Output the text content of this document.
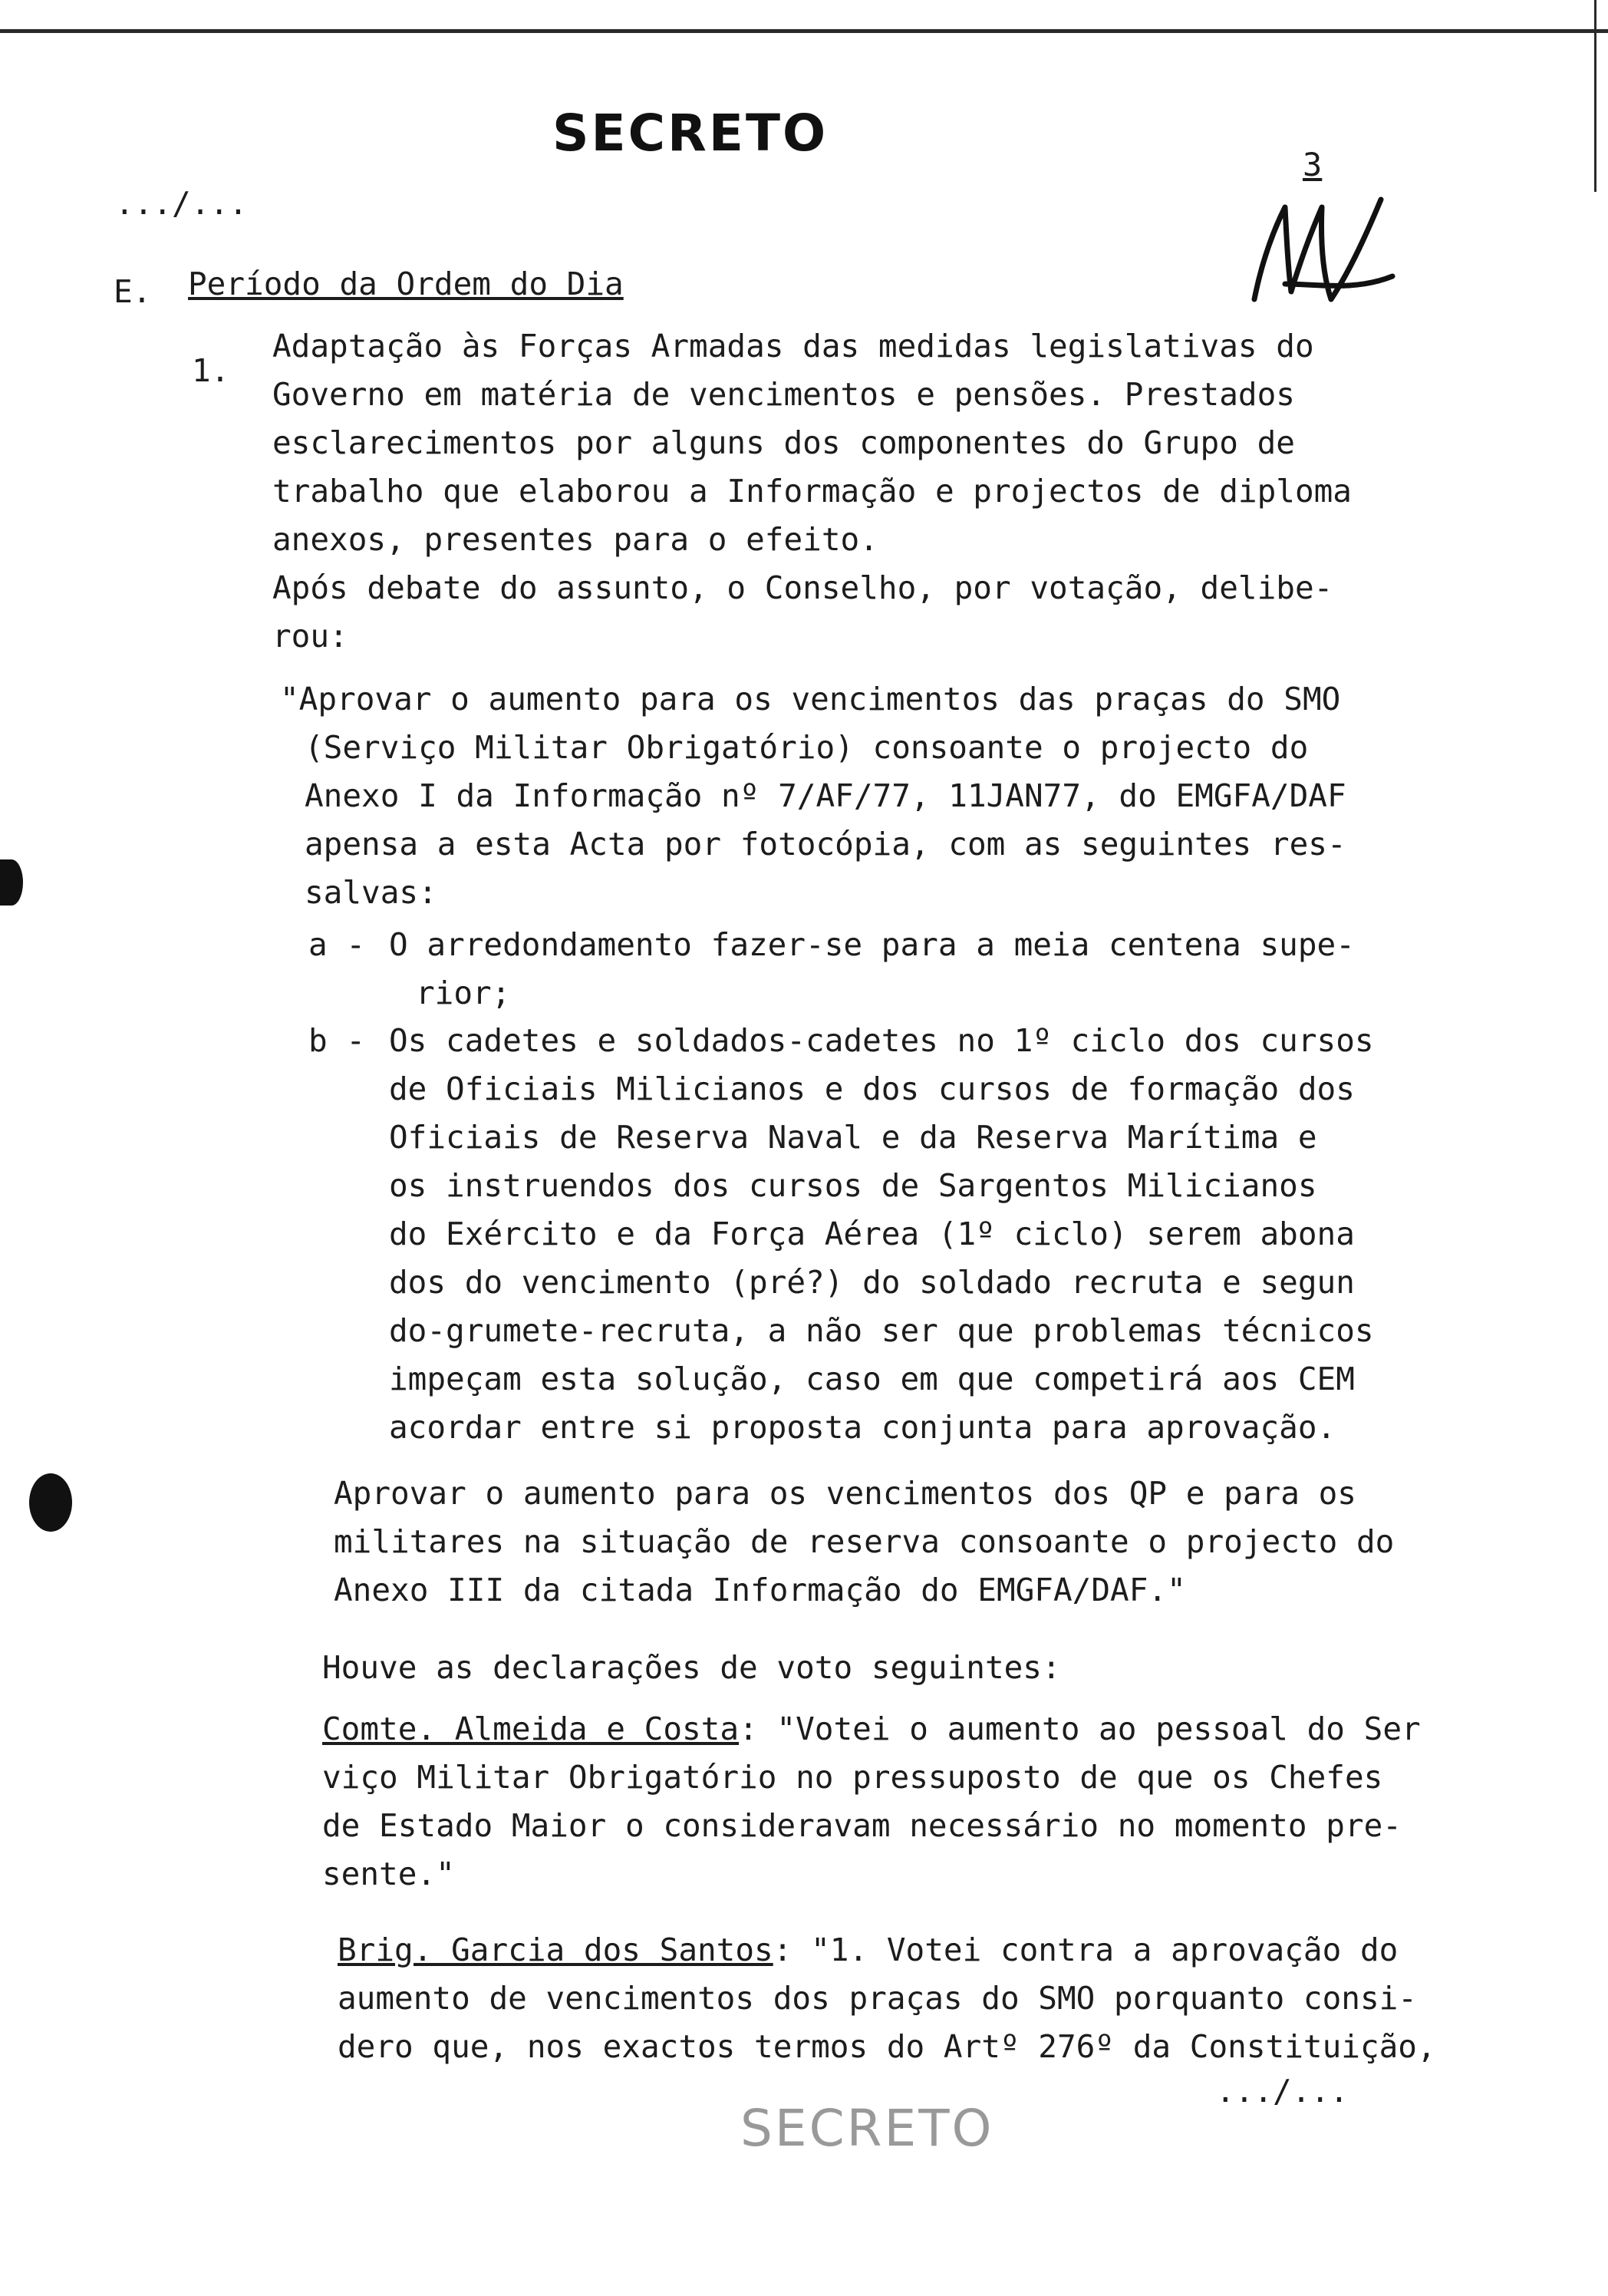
SECRETO
3
.../...
E. Período da Ordem do Dia
1.
Adaptação às Forças Armadas das medidas legislativas do
Governo em matéria de vencimentos e pensões. Prestados
esclarecimentos por alguns dos componentes do Grupo de
trabalho que elaborou a Informação e projectos de diploma
anexos, presentes para o efeito.
Após debate do assunto, o Conselho, por votação, delibe-
rou:
"Aprovar o aumento para os vencimentos das praças do SMO
(Serviço Militar Obrigatório) consoante o projecto do
Anexo I da Informação nº 7/AF/77, 11JAN77, do EMGFA/DAF
apensa a esta Acta por fotocópia, com as seguintes res-
salvas:
a - O arredondamento fazer-se para a meia centena supe-
rior;
b - Os cadetes e soldados-cadetes no 1º ciclo dos cursos
de Oficiais Milicianos e dos cursos de formação dos
Oficiais de Reserva Naval e da Reserva Marítima e
os instruendos dos cursos de Sargentos Milicianos
do Exército e da Força Aérea (1º ciclo) serem abona
dos do vencimento (pré?) do soldado recruta e segun
do-grumete-recruta, a não ser que problemas técnicos
impeçam esta solução, caso em que competirá aos CEM
acordar entre si proposta conjunta para aprovação.
Aprovar o aumento para os vencimentos dos QP e para os
militares na situação de reserva consoante o projecto do
Anexo III da citada Informação do EMGFA/DAF."
Houve as declarações de voto seguintes:
Comte. Almeida e Costa: "Votei o aumento ao pessoal do Ser
viço Militar Obrigatório no pressuposto de que os Chefes
de Estado Maior o consideravam necessário no momento pre-
sente."
Brig. Garcia dos Santos: "1. Votei contra a aprovação do
aumento de vencimentos dos praças do SMO porquanto consi-
dero que, nos exactos termos do Artº 276º da Constituição,
.../...
SECRETO
